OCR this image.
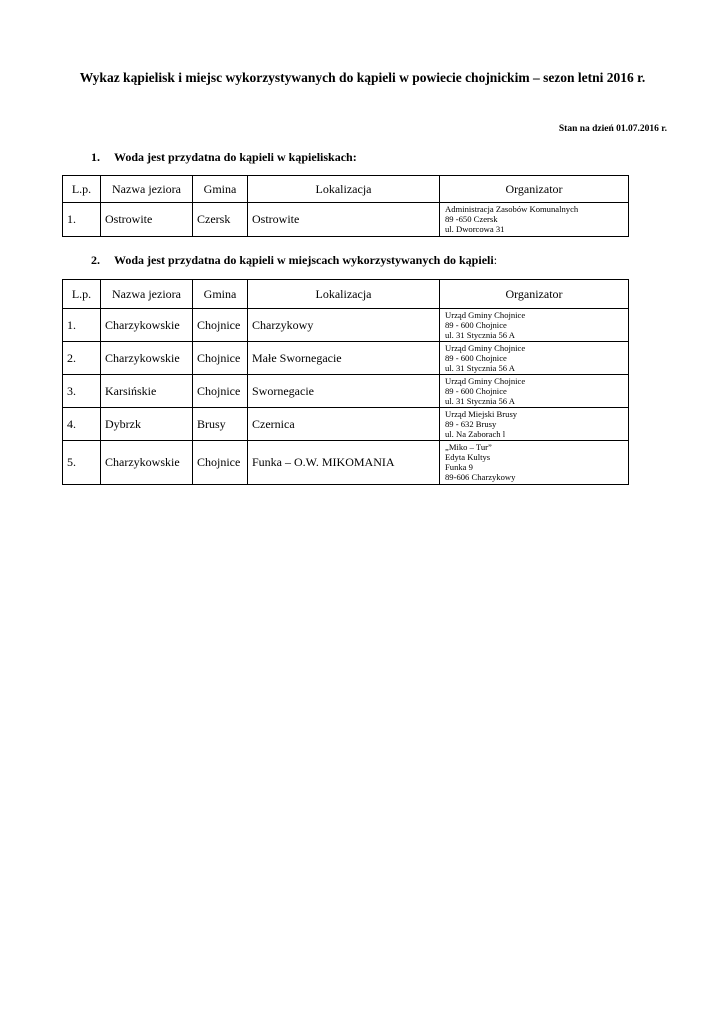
Wykaz kąpielisk i miejsc wykorzystywanych do kąpieli w powiecie chojnickim – sezon letni 2016 r.
Stan na dzień 01.07.2016 r.
1. Woda jest przydatna do kąpieli w kąpieliskach:
L.p.	Nazwa jeziora	Gmina	Lokalizacja	Organizator
1.	Ostrowite	Czersk	Ostrowite	Administracja Zasobów Komunalnych
89 -650 Czersk
ul. Dworcowa 31
2. Woda jest przydatna do kąpieli w miejscach wykorzystywanych do kąpieli:
L.p.	Nazwa jeziora	Gmina	Lokalizacja	Organizator
1.	Charzykowskie	Chojnice	Charzykowy	Urząd Gminy Chojnice
89 - 600 Chojnice
ul. 31 Stycznia 56 A

2.	Charzykowskie	Chojnice	Małe Swornegacie	Urząd Gminy Chojnice
89 - 600 Chojnice
ul. 31 Stycznia 56 A

3.	Karsińskie	Chojnice	Swornegacie	Urząd Gminy Chojnice
89 - 600 Chojnice
ul. 31 Stycznia 56 A

4.	Dybrzk	Brusy	Czernica	Urząd Miejski Brusy
89 - 632 Brusy
ul. Na Zaborach l

5.	Charzykowskie	Chojnice	Funka – O.W. MIKOMANIA	„Miko – Tur”
Edyta Kultys
Funka 9
89-606 Charzykowy
